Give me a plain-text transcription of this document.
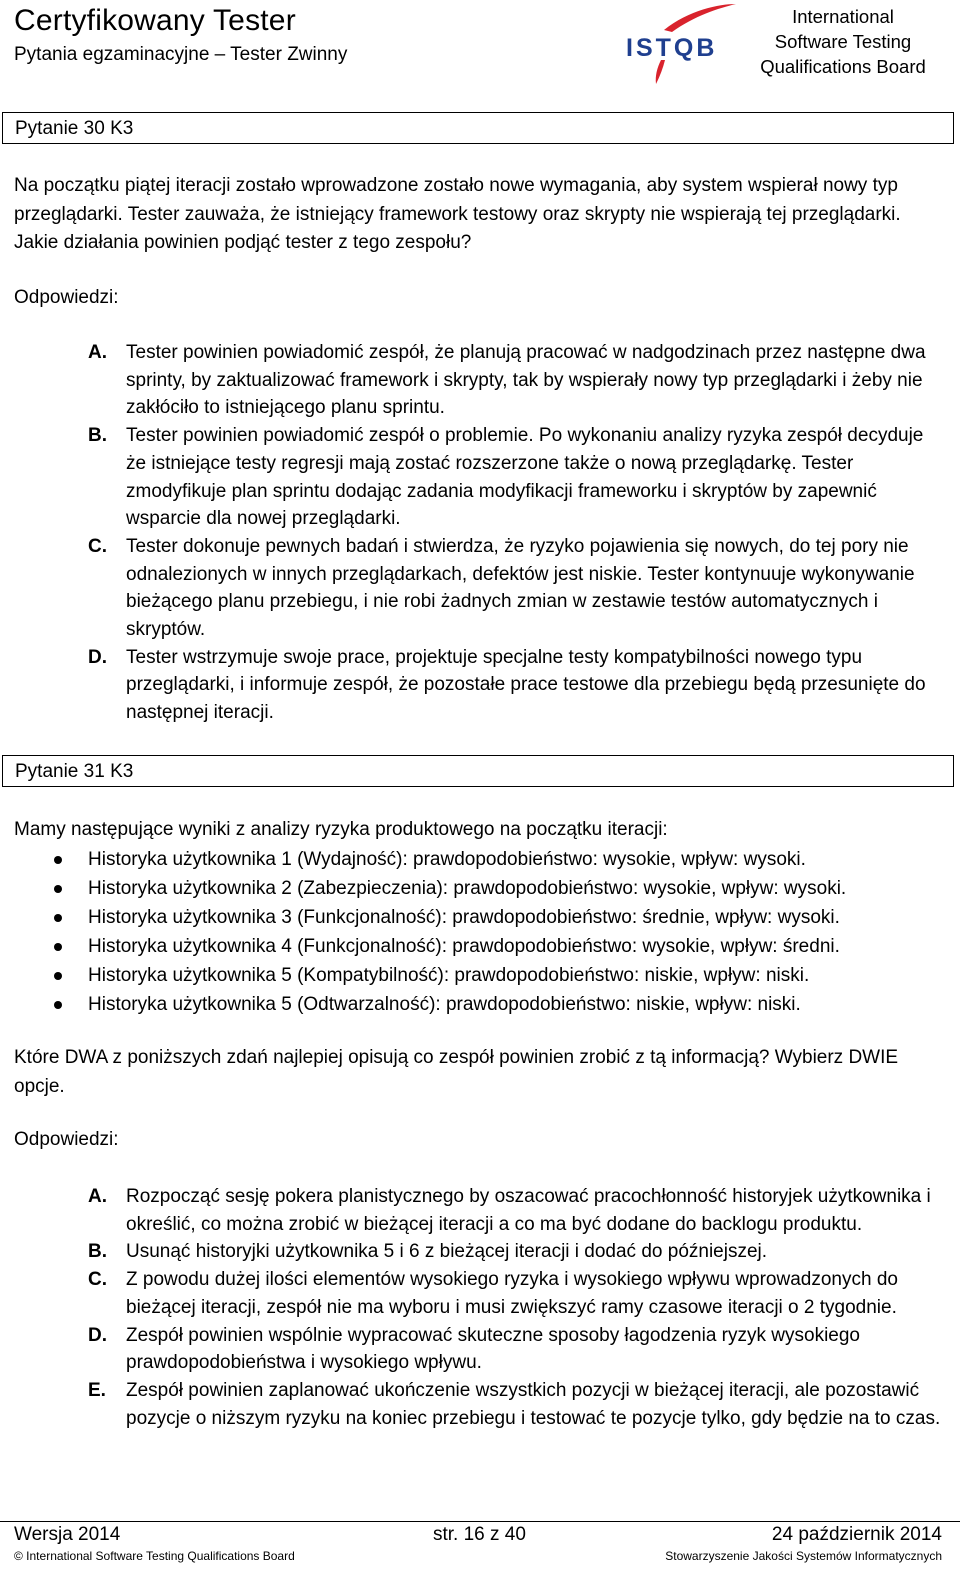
Certyfikowany Tester
Pytania egzaminacyjne – Tester Zwinny	ISTQB
International
Software Testing
Qualifications Board
Pytanie 30 K3
Na początku piątej iteracji zostało wprowadzone zostało nowe wymagania, aby system wspierał nowy typ przeglądarki. Tester zauważa, że istniejący framework testowy oraz skrypty nie wspierają tej przeglądarki. Jakie działania powinien podjąć tester z tego zespołu?
Odpowiedzi:
A. Tester powinien powiadomić zespół, że planują pracować w nadgodzinach przez następne dwa sprinty, by zaktualizować framework i skrypty, tak by wspierały nowy typ przeglądarki i żeby nie zakłóciło to istniejącego planu sprintu.
B. Tester powinien powiadomić zespół o problemie. Po wykonaniu analizy ryzyka zespół decyduje że istniejące testy regresji mają zostać rozszerzone także o nową przeglądarkę. Tester zmodyfikuje plan sprintu dodając zadania modyfikacji frameworku i skryptów by zapewnić wsparcie dla nowej przeglądarki.
C. Tester dokonuje pewnych badań i stwierdza, że ryzyko pojawienia się nowych, do tej pory nie odnalezionych w innych przeglądarkach, defektów jest niskie. Tester kontynuuje wykonywanie bieżącego planu przebiegu, i nie robi żadnych zmian w zestawie testów automatycznych i skryptów.
D. Tester wstrzymuje swoje prace, projektuje specjalne testy kompatybilności nowego typu przeglądarki, i informuje zespół, że pozostałe prace testowe dla przebiegu będą przesunięte do następnej iteracji.
Pytanie 31 K3
Mamy następujące wyniki z analizy ryzyka produktowego na początku iteracji:
Historyka użytkownika 1 (Wydajność): prawdopodobieństwo: wysokie, wpływ: wysoki.
Historyka użytkownika 2 (Zabezpieczenia): prawdopodobieństwo: wysokie, wpływ: wysoki.
Historyka użytkownika 3 (Funkcjonalność): prawdopodobieństwo: średnie, wpływ: wysoki.
Historyka użytkownika 4 (Funkcjonalność): prawdopodobieństwo: wysokie, wpływ: średni.
Historyka użytkownika 5 (Kompatybilność): prawdopodobieństwo: niskie, wpływ: niski.
Historyka użytkownika 5 (Odtwarzalność): prawdopodobieństwo: niskie, wpływ: niski.
Które DWA z poniższych zdań najlepiej opisują co zespół powinien zrobić z tą informacją? Wybierz DWIE opcje.
Odpowiedzi:
A. Rozpocząć sesję pokera planistycznego by oszacować pracochłonność historyjek użytkownika i określić, co można zrobić w bieżącej iteracji a co ma być dodane do backlogu produktu.
B. Usunąć historyjki użytkownika 5 i 6 z bieżącej iteracji i dodać do późniejszej.
C. Z powodu dużej ilości elementów wysokiego ryzyka i wysokiego wpływu wprowadzonych do bieżącej iteracji, zespół nie ma wyboru i musi zwiększyć ramy czasowe iteracji o 2 tygodnie.
D. Zespół powinien wspólnie wypracować skuteczne sposoby łagodzenia ryzyk wysokiego prawdopodobieństwa i wysokiego wpływu.
E. Zespół powinien zaplanować ukończenie wszystkich pozycji w bieżącej iteracji, ale pozostawić pozycje o niższym ryzyku na koniec przebiegu i testować te pozycje tylko, gdy będzie na to czas.
Wersja 2014	str. 16 z 40	24 październik 2014
© International Software Testing Qualifications Board	Stowarzyszenie Jakości Systemów Informatycznych
